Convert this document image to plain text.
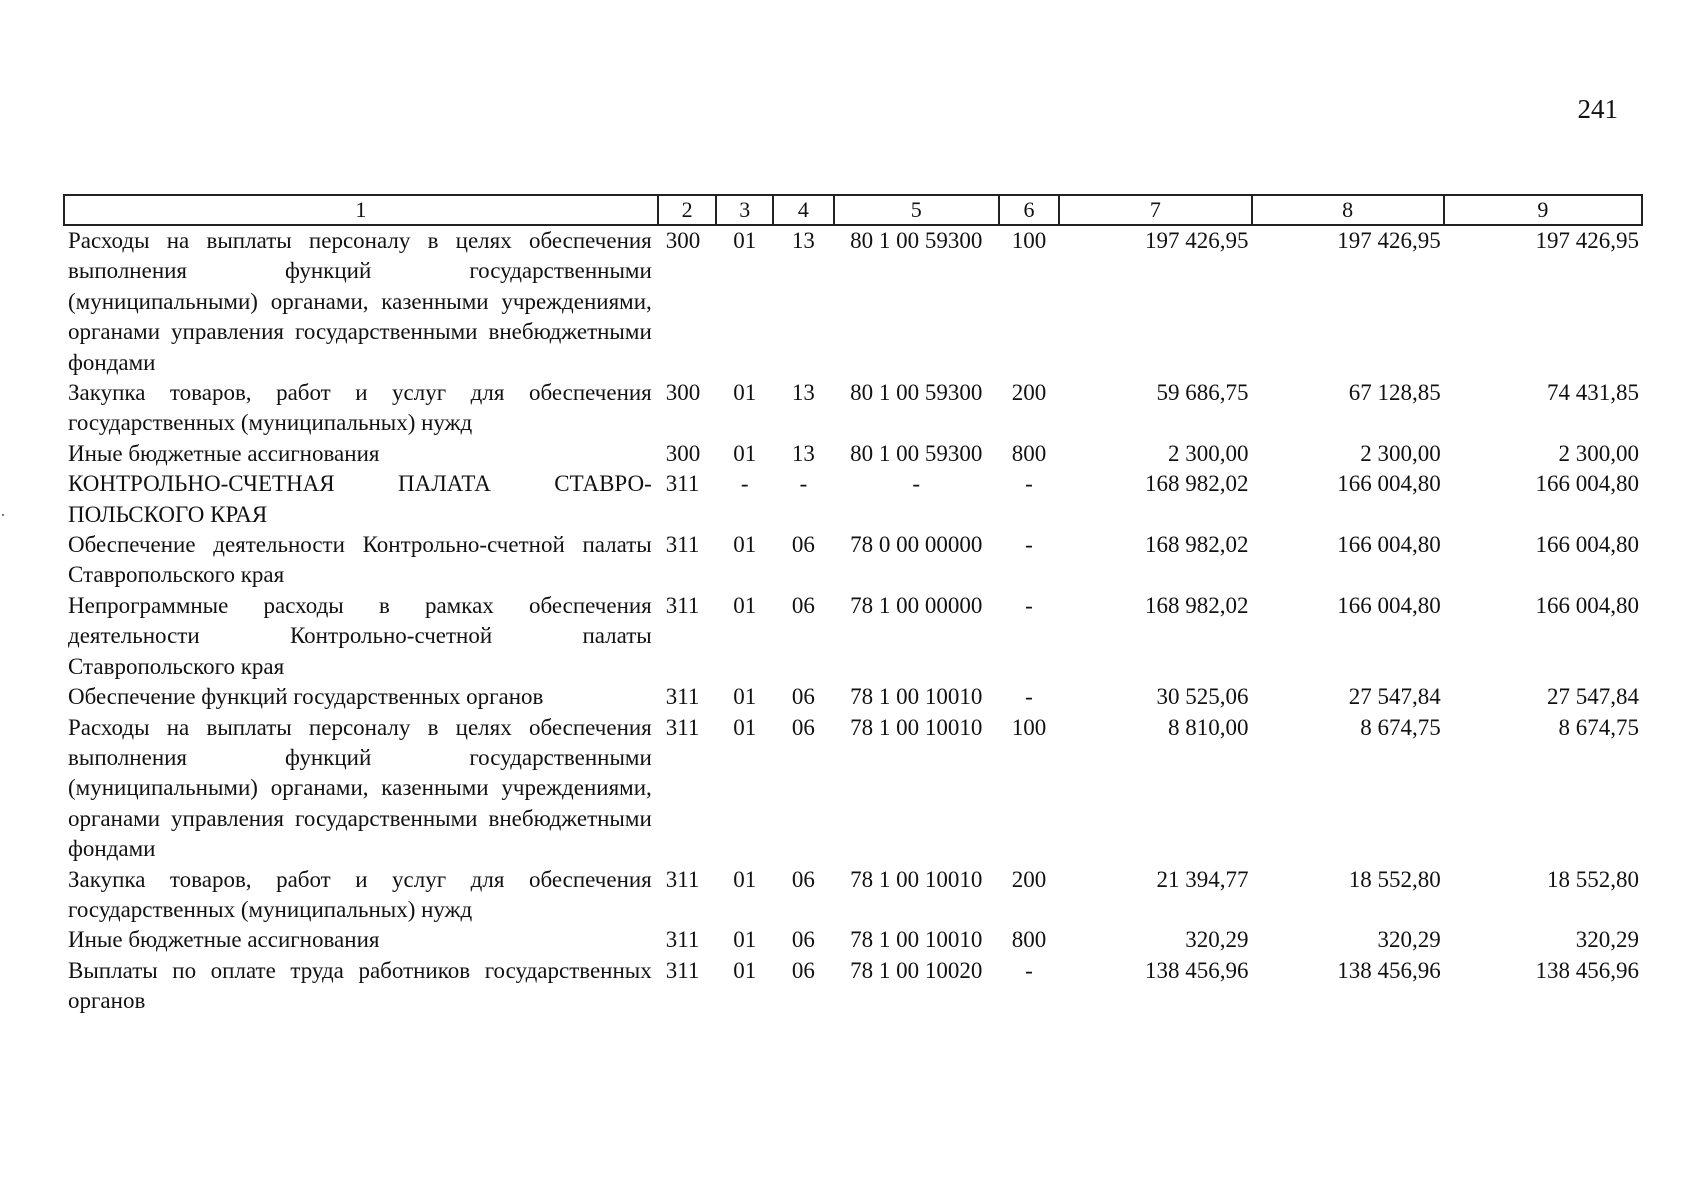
241
1	2	3	4	5	6	7	8	9
Расходы на выплаты персоналу в целях обеспечения выполнения функций государственными (муниципальными) органами, казенными учреждениями, органами управления государственными внебюджетными фондами	300	01	13	80 1 00 59300	100	197 426,95	197 426,95	197 426,95
Закупка товаров, работ и услуг для обеспечения государственных (муниципальных) нужд	300	01	13	80 1 00 59300	200	59 686,75	67 128,85	74 431,85
Иные бюджетные ассигнования	300	01	13	80 1 00 59300	800	2 300,00	2 300,00	2 300,00
КОНТРОЛЬНО-СЧЕТНАЯ ПАЛАТА СТАВРО-ПОЛЬСКОГО КРАЯ	311	-	-	-	-	168 982,02	166 004,80	166 004,80
Обеспечение деятельности Контрольно-счетной палаты Ставропольского края	311	01	06	78 0 00 00000	-	168 982,02	166 004,80	166 004,80
Непрограммные расходы в рамках обеспечения деятельности Контрольно-счетной палаты Ставропольского края	311	01	06	78 1 00 00000	-	168 982,02	166 004,80	166 004,80
Обеспечение функций государственных органов	311	01	06	78 1 00 10010	-	30 525,06	27 547,84	27 547,84
Расходы на выплаты персоналу в целях обеспечения выполнения функций государственными (муниципальными) органами, казенными учреждениями, органами управления государственными внебюджетными фондами	311	01	06	78 1 00 10010	100	8 810,00	8 674,75	8 674,75
Закупка товаров, работ и услуг для обеспечения государственных (муниципальных) нужд	311	01	06	78 1 00 10010	200	21 394,77	18 552,80	18 552,80
Иные бюджетные ассигнования	311	01	06	78 1 00 10010	800	320,29	320,29	320,29
Выплаты по оплате труда работников государственных органов	311	01	06	78 1 00 10020	-	138 456,96	138 456,96	138 456,96
